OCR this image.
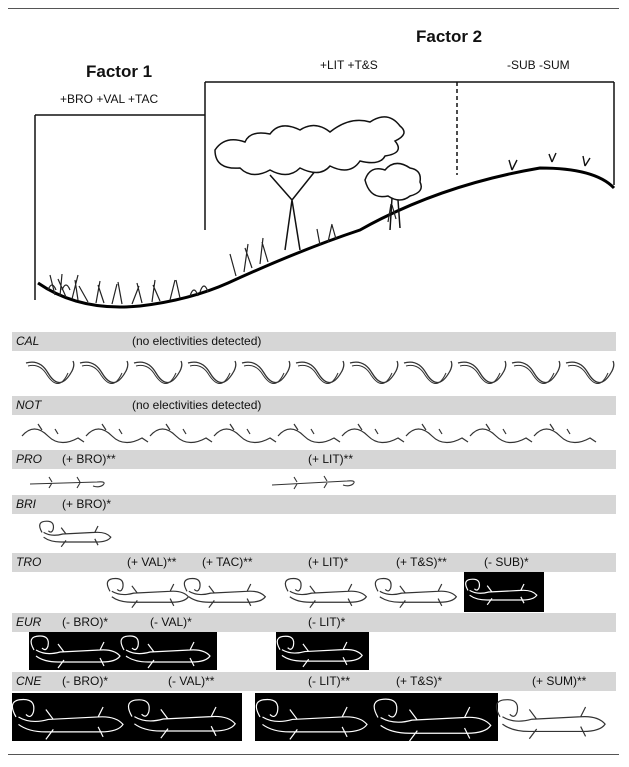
Factor 2
Factor 1	+LIT +T&S	-SUB -SUM
+BRO +VAL +TAC
CAL	(no electivities detected)
NOT	(no electivities detected)
PRO (+ BRO)**	(+ LIT)**
BRI (+ BRO)*
TRO	(+ VAL)** (+ TAC)**	(+ LIT)*	(+ T&S)**	(- SUB)*
EUR (- BRO)*	(- VAL)*	(- LIT)*
CNE (- BRO)*	(- VAL)**	(- LIT)**	(+ T&S)*	(+ SUM)**
